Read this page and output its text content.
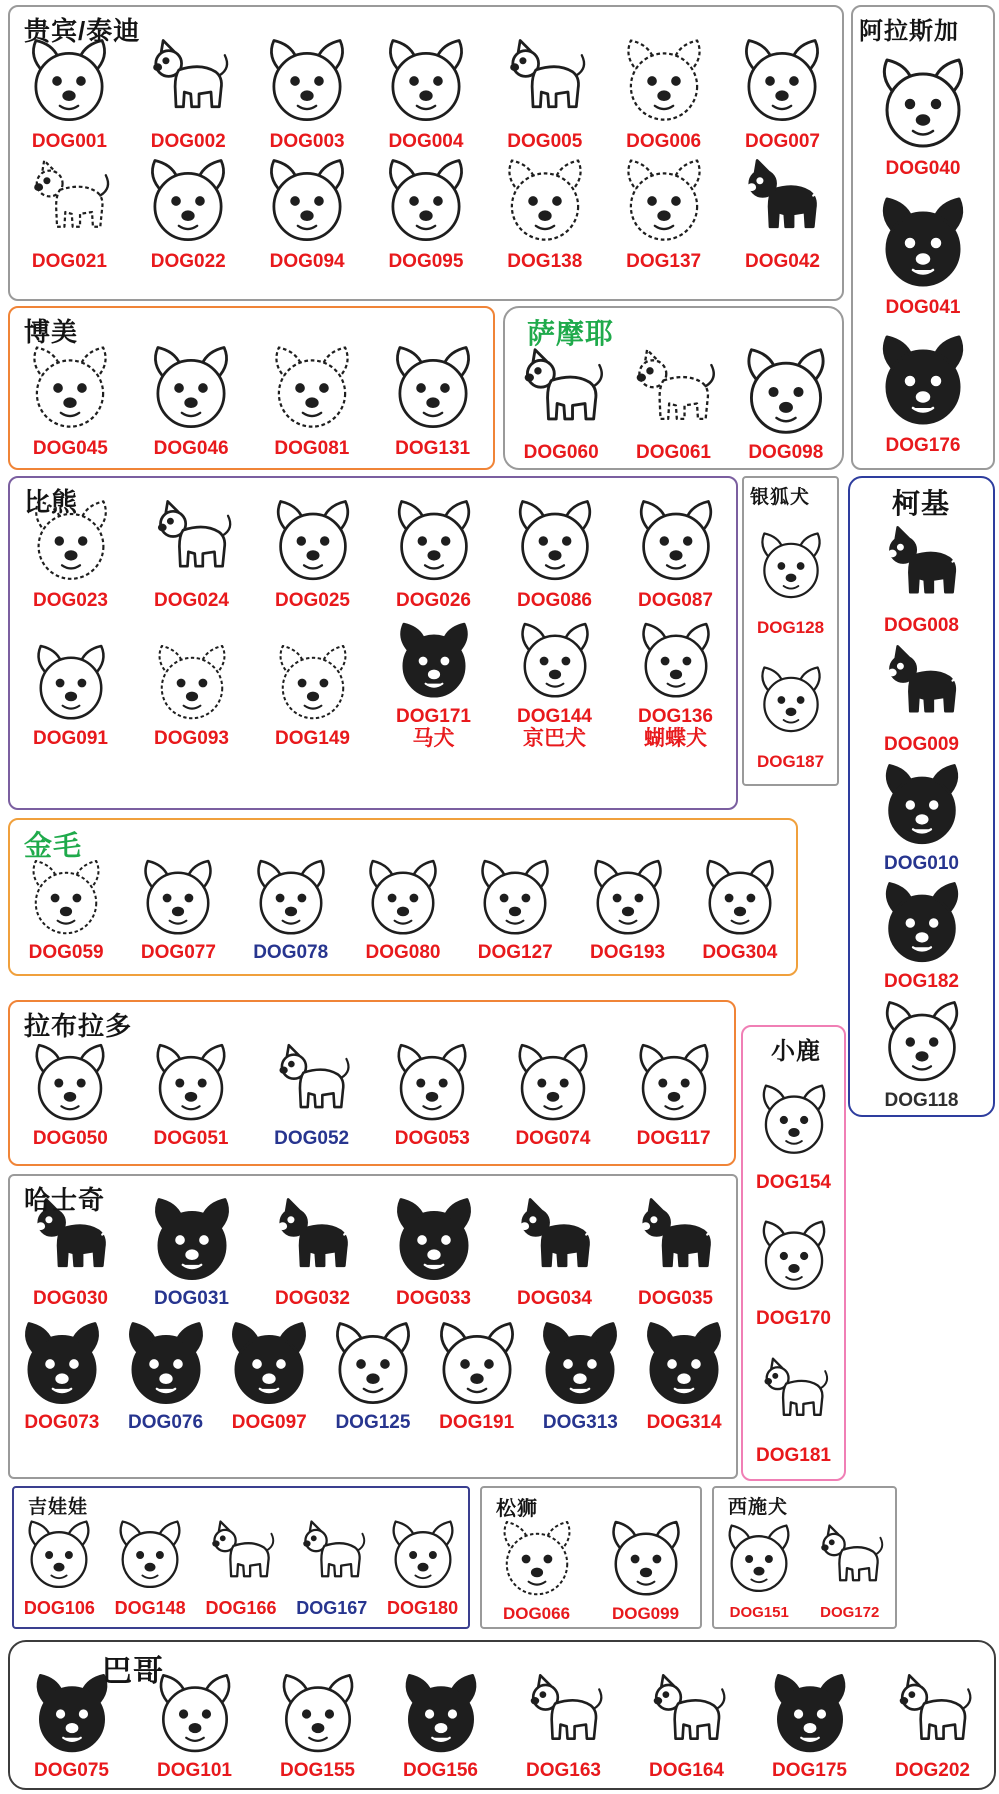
贵宾/泰迪
DOG001 DOG002 DOG003 DOG004 DOG005 DOG006 DOG007
DOG021 DOG022 DOG094 DOG095 DOG138 DOG137 DOG042
阿拉斯加
DOG040
DOG041
DOG176
博美
DOG045 DOG046 DOG081 DOG131
萨摩耶
DOG060 DOG061 DOG098
比熊
DOG023 DOG024 DOG025 DOG026 DOG086 DOG087
DOG091 DOG093 DOG149
DOG171
马犬
DOG144
京巴犬
DOG136
蝴蝶犬
银狐犬
DOG128
DOG187
柯基
DOG008
DOG009
DOG010
DOG182
DOG118
金毛
DOG059 DOG077 DOG078 DOG080 DOG127 DOG193 DOG304
拉布拉多
DOG050 DOG051 DOG052 DOG053 DOG074 DOG117
小鹿
DOG154
DOG170
DOG181
哈士奇
DOG030 DOG031 DOG032 DOG033 DOG034 DOG035
DOG073 DOG076 DOG097 DOG125 DOG191 DOG313 DOG314
吉娃娃
DOG106 DOG148 DOG166 DOG167 DOG180
松狮
DOG066 DOG099
西施犬
DOG151 DOG172
巴哥
DOG075	DOG101	DOG155	DOG156	DOG163	DOG164	DOG175	DOG202
